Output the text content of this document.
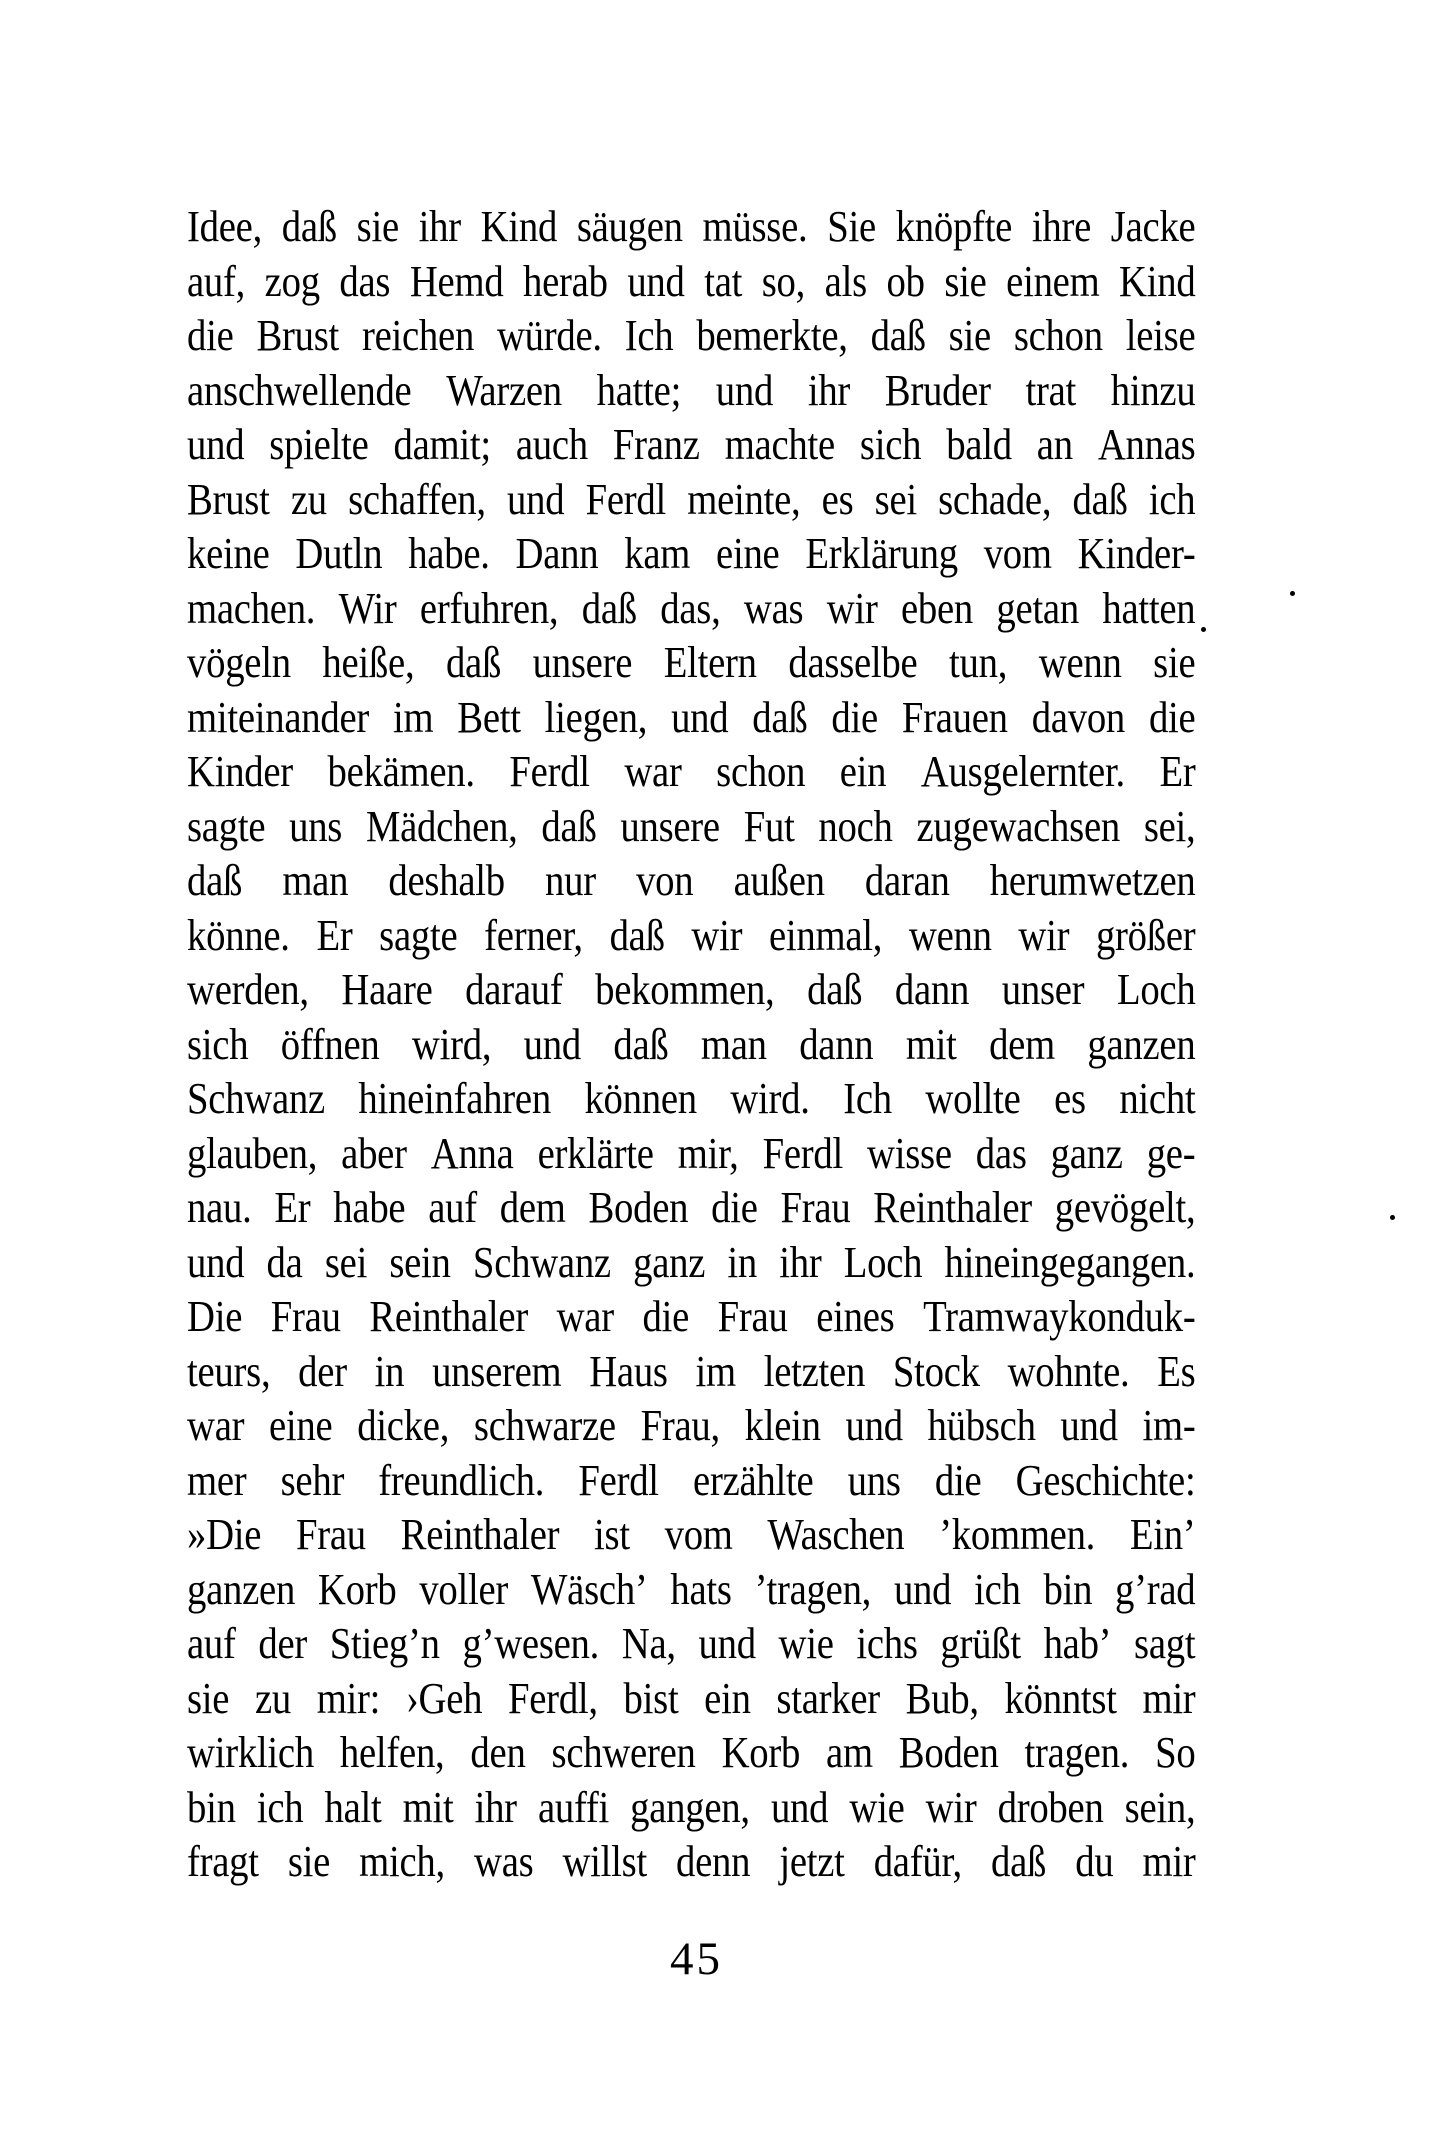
Idee, daß sie ihr Kind säugen müsse. Sie knöpfte ihre Jacke
auf, zog das Hemd herab und tat so, als ob sie einem Kind
die Brust reichen würde. Ich bemerkte, daß sie schon leise
anschwellende Warzen hatte; und ihr Bruder trat hinzu
und spielte damit; auch Franz machte sich bald an Annas
Brust zu schaffen, und Ferdl meinte, es sei schade, daß ich
keine Dutln habe. Dann kam eine Erklärung vom Kinder-
machen. Wir erfuhren, daß das, was wir eben getan hatten
vögeln heiße, daß unsere Eltern dasselbe tun, wenn sie
miteinander im Bett liegen, und daß die Frauen davon die
Kinder bekämen. Ferdl war schon ein Ausgelernter. Er
sagte uns Mädchen, daß unsere Fut noch zugewachsen sei,
daß man deshalb nur von außen daran herumwetzen
könne. Er sagte ferner, daß wir einmal, wenn wir größer
werden, Haare darauf bekommen, daß dann unser Loch
sich öffnen wird, und daß man dann mit dem ganzen
Schwanz hineinfahren können wird. Ich wollte es nicht
glauben, aber Anna erklärte mir, Ferdl wisse das ganz ge-
nau. Er habe auf dem Boden die Frau Reinthaler gevögelt,
und da sei sein Schwanz ganz in ihr Loch hineingegangen.
Die Frau Reinthaler war die Frau eines Tramwaykonduk-
teurs, der in unserem Haus im letzten Stock wohnte. Es
war eine dicke, schwarze Frau, klein und hübsch und im-
mer sehr freundlich. Ferdl erzählte uns die Geschichte:
»Die Frau Reinthaler ist vom Waschen ’kommen. Ein’
ganzen Korb voller Wäsch’ hats ’tragen, und ich bin g’rad
auf der Stieg’n g’wesen. Na, und wie ichs grüßt hab’ sagt
sie zu mir: ›Geh Ferdl, bist ein starker Bub, könntst mir
wirklich helfen, den schweren Korb am Boden tragen. So
bin ich halt mit ihr auffi gangen, und wie wir droben sein,
fragt sie mich, was willst denn jetzt dafür, daß du mir
45
